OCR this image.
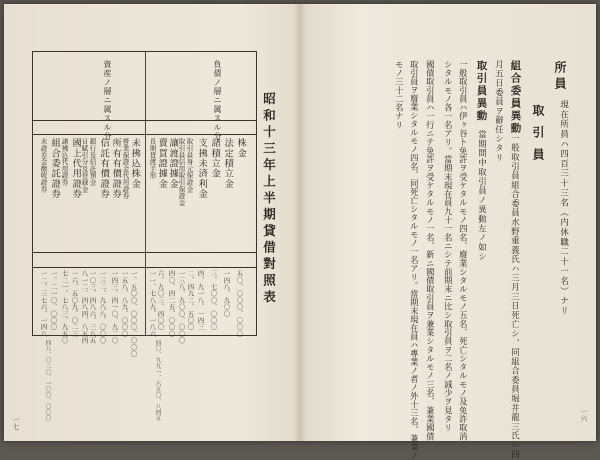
一七
昭和十三年上半期貸借對照表
負債ノ層ニ属スル分
資産ノ層ニ属スル分
株金
法定積立金
諸積立金
支拂未済利金
取引員身元保證金
取引員信用取引保證金
讓渡證據金
賣買證據金
長期貸渡手形
五〇、〇〇〇、〇〇〇
一四八、九〇〇
三、七〇〇、〇〇〇
四、九一八、一四三
二、四九二、五〇〇
一三八、九〇〇、〇〇〇
四〇、四二五、〇〇〇
六、九〇三、四〇〇
一一、七八九、一八六
未拂込株金
營業保證金代用證券
所有有價證券
信託有價證券
銀行及信託預金
日賦引分及登録金
國上代用證券
諸拂込代用證券
組合委託證券
未證差金徴收證券
一、五〇〇、〇〇〇、〇〇〇
一五八、八九、〇〇〇
一四三、四一〇、九二〇
一三二、九八八、〇〇〇
一〇三、四八六、三八五
八一二、四八四、八五四
一六、五〇九、〇二三
七二一、七八三、九五〇
一、二一〇、〇〇〇
一二、三七六、一四八
四八、〇二〇、一〇〇、〇〇〇	四〇、九九一、六五〇、八四五	一六
所員
現在所員ハ四百三十三名（内休職二十一名）ナリ
取引員
組合委員異動
一般取引員組合委員水野重義氏ハ三月三日死亡シ、同組合委員堀井龍三氏ハ四
月五日委員ヲ辭任シタリ
取引員異動
當期間中取引員ノ異動左ノ如シ
一般取引員ハ伊ヶ谷ト免許ヲ受ケタルモノ四名、廢業シタルモノ五名、死亡シタルモノ及免許取消
シタルモノ各一名アリ。當期末現在員九十一名ニシテ前期末ニ比シ取引員ヲ二名ノ減少ヲ見タリ
國債取引員ハ一行ニテ免許ヲ受ケタルモノ一名、新ニ國債取引員ヲ兼業シタルモノ三名、兼業國債
取引員ヲ廢業シタルモノ四名、同死亡シタルモノ一名アリ。當期末現在員ハ專業ノ者ノ外十三名、兼業ノ
モノ三十二名ナリ
